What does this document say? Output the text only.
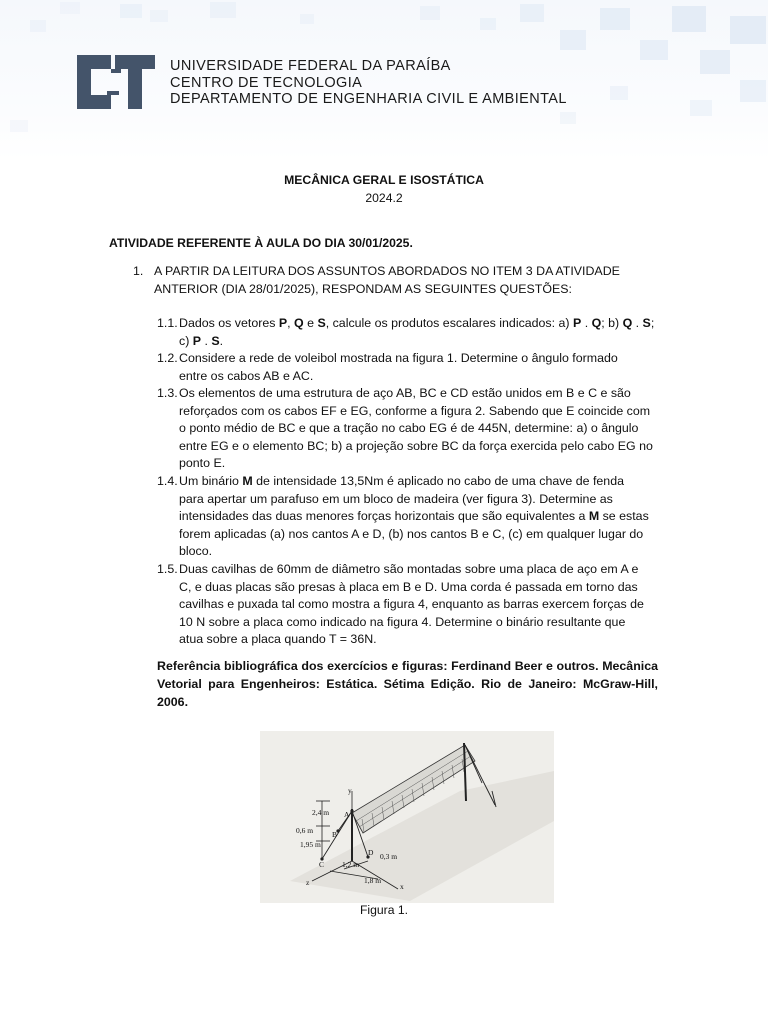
UNIVERSIDADE FEDERAL DA PARAÍBA
CENTRO DE TECNOLOGIA
DEPARTAMENTO DE ENGENHARIA CIVIL E AMBIENTAL
MECÂNICA GERAL E ISOSTÁTICA
2024.2
ATIVIDADE REFERENTE À AULA DO DIA 30/01/2025.
1. A PARTIR DA LEITURA DOS ASSUNTOS ABORDADOS NO ITEM 3 DA ATIVIDADE ANTERIOR (DIA 28/01/2025), RESPONDAM AS SEGUINTES QUESTÕES:
1.1. Dados os vetores P, Q e S, calcule os produtos escalares indicados: a) P . Q; b) Q . S;
c) P . S.
1.2. Considere a rede de voleibol mostrada na figura 1. Determine o ângulo formado
entre os cabos AB e AC.
1.3. Os elementos de uma estrutura de aço AB, BC e CD estão unidos em B e C e são
reforçados com os cabos EF e EG, conforme a figura 2. Sabendo que E coincide com
o ponto médio de BC e que a tração no cabo EG é de 445N, determine: a) o ângulo
entre EG e o elemento BC; b) a projeção sobre BC da força exercida pelo cabo EG no
ponto E.
1.4. Um binário M de intensidade 13,5Nm é aplicado no cabo de uma chave de fenda
para apertar um parafuso em um bloco de madeira (ver figura 3). Determine as
intensidades das duas menores forças horizontais que são equivalentes a M se estas
forem aplicadas (a) nos cantos A e D, (b) nos cantos B e C, (c) em qualquer lugar do
bloco.
1.5. Duas cavilhas de 60mm de diâmetro são montadas sobre uma placa de aço em A e
C, e duas placas são presas à placa em B e D. Uma corda é passada em torno das
cavilhas e puxada tal como mostra a figura 4, enquanto as barras exercem forças de
10 N sobre a placa como indicado na figura 4. Determine o binário resultante que
atua sobre a placa quando T = 36N.
Referência bibliográfica dos exercícios e figuras: Ferdinand Beer e outros. Mecânica Vetorial para Engenheiros: Estática. Sétima Edição. Rio de Janeiro: McGraw-Hill, 2006.
y
x
z
A
B
C
D
2,4 m
0,6 m
1,95 m
1,2 m
0,3 m
1,8 m
Figura 1.
